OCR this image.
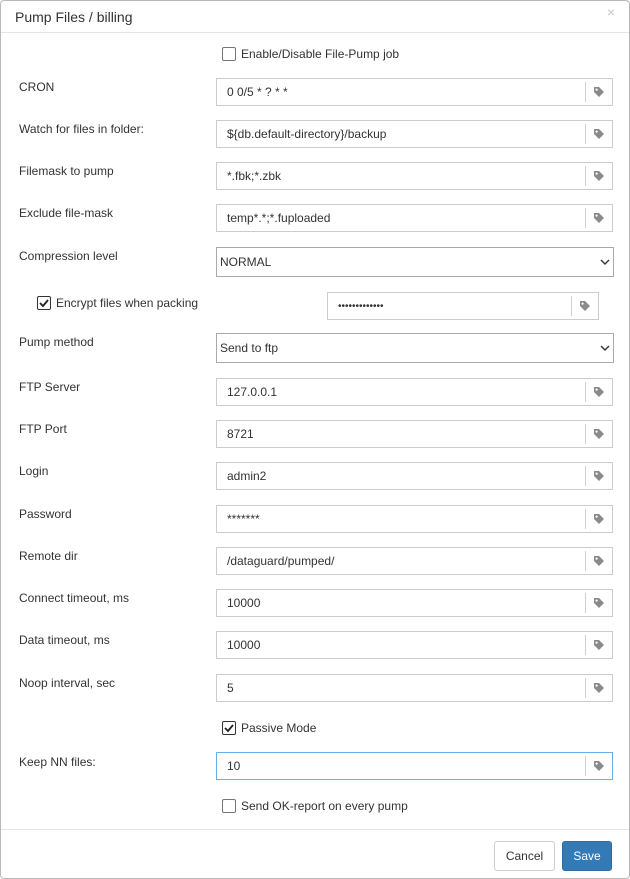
Pump Files / billing	×
Enable/Disable File-Pump job
CRON	0 0/5 * ? * *
Watch for files in folder:	${db.default-directory}/backup
Filemask to pump	*.fbk;*.zbk
Exclude file-mask	temp*.*;*.fuploaded
Compression level	NORMAL
Encrypt files when packing	•••••••••••••
Pump method	Send to ftp
FTP Server	127.0.0.1
FTP Port	8721
Login	admin2
Password	*******
Remote dir	/dataguard/pumped/
Connect timeout, ms	10000
Data timeout, ms	10000
Noop interval, sec	5
Passive Mode
Keep NN files:	10
Send OK-report on every pump
Cancel	Save
